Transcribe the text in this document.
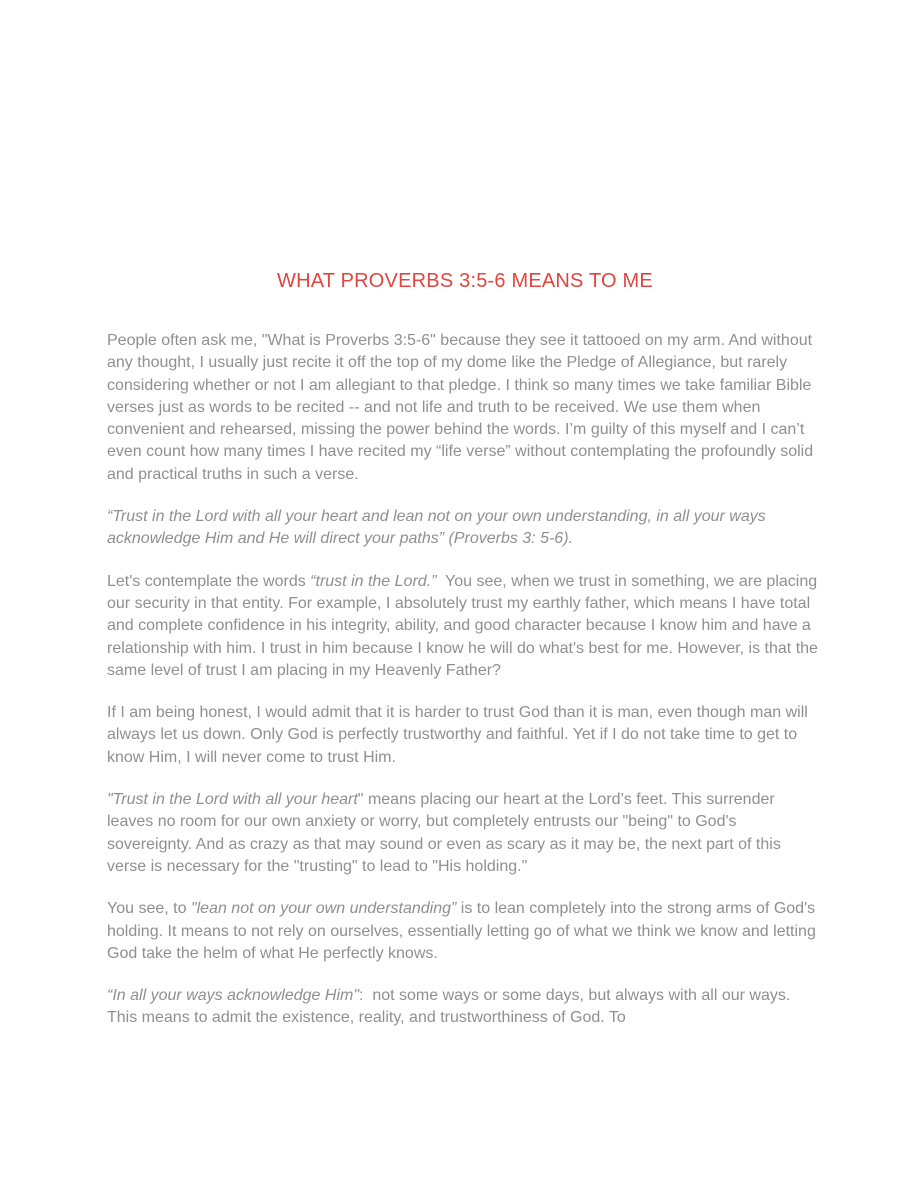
WHAT PROVERBS 3:5-6 MEANS TO ME

People often ask me, "What is Proverbs 3:5-6" because they see it tattooed on my arm. And without any thought, I usually just recite it off the top of my dome like the Pledge of Allegiance, but rarely considering whether or not I am allegiant to that pledge. I think so many times we take familiar Bible verses just as words to be recited -- and not life and truth to be received. We use them when convenient and rehearsed, missing the power behind the words. I’m guilty of this myself and I can’t even count how many times I have recited my “life verse” without contemplating the profoundly solid and practical truths in such a verse.

“Trust in the Lord with all your heart and lean not on your own understanding, in all your ways acknowledge Him and He will direct your paths” (Proverbs 3: 5-6).

Let's contemplate the words “trust in the Lord.”  You see, when we trust in something, we are placing our security in that entity. For example, I absolutely trust my earthly father, which means I have total and complete confidence in his integrity, ability, and good character because I know him and have a relationship with him. I trust in him because I know he will do what's best for me. However, is that the same level of trust I am placing in my Heavenly Father?

If I am being honest, I would admit that it is harder to trust God than it is man, even though man will always let us down. Only God is perfectly trustworthy and faithful. Yet if I do not take time to get to know Him, I will never come to trust Him.

"Trust in the Lord with all your heart" means placing our heart at the Lord’s feet. This surrender leaves no room for our own anxiety or worry, but completely entrusts our "being" to God's sovereignty. And as crazy as that may sound or even as scary as it may be, the next part of this verse is necessary for the "trusting" to lead to "His holding."

You see, to "lean not on your own understanding” is to lean completely into the strong arms of God's holding. It means to not rely on ourselves, essentially letting go of what we think we know and letting God take the helm of what He perfectly knows.

“In all your ways acknowledge Him":  not some ways or some days, but always with all our ways. This means to admit the existence, reality, and trustworthiness of God. To
